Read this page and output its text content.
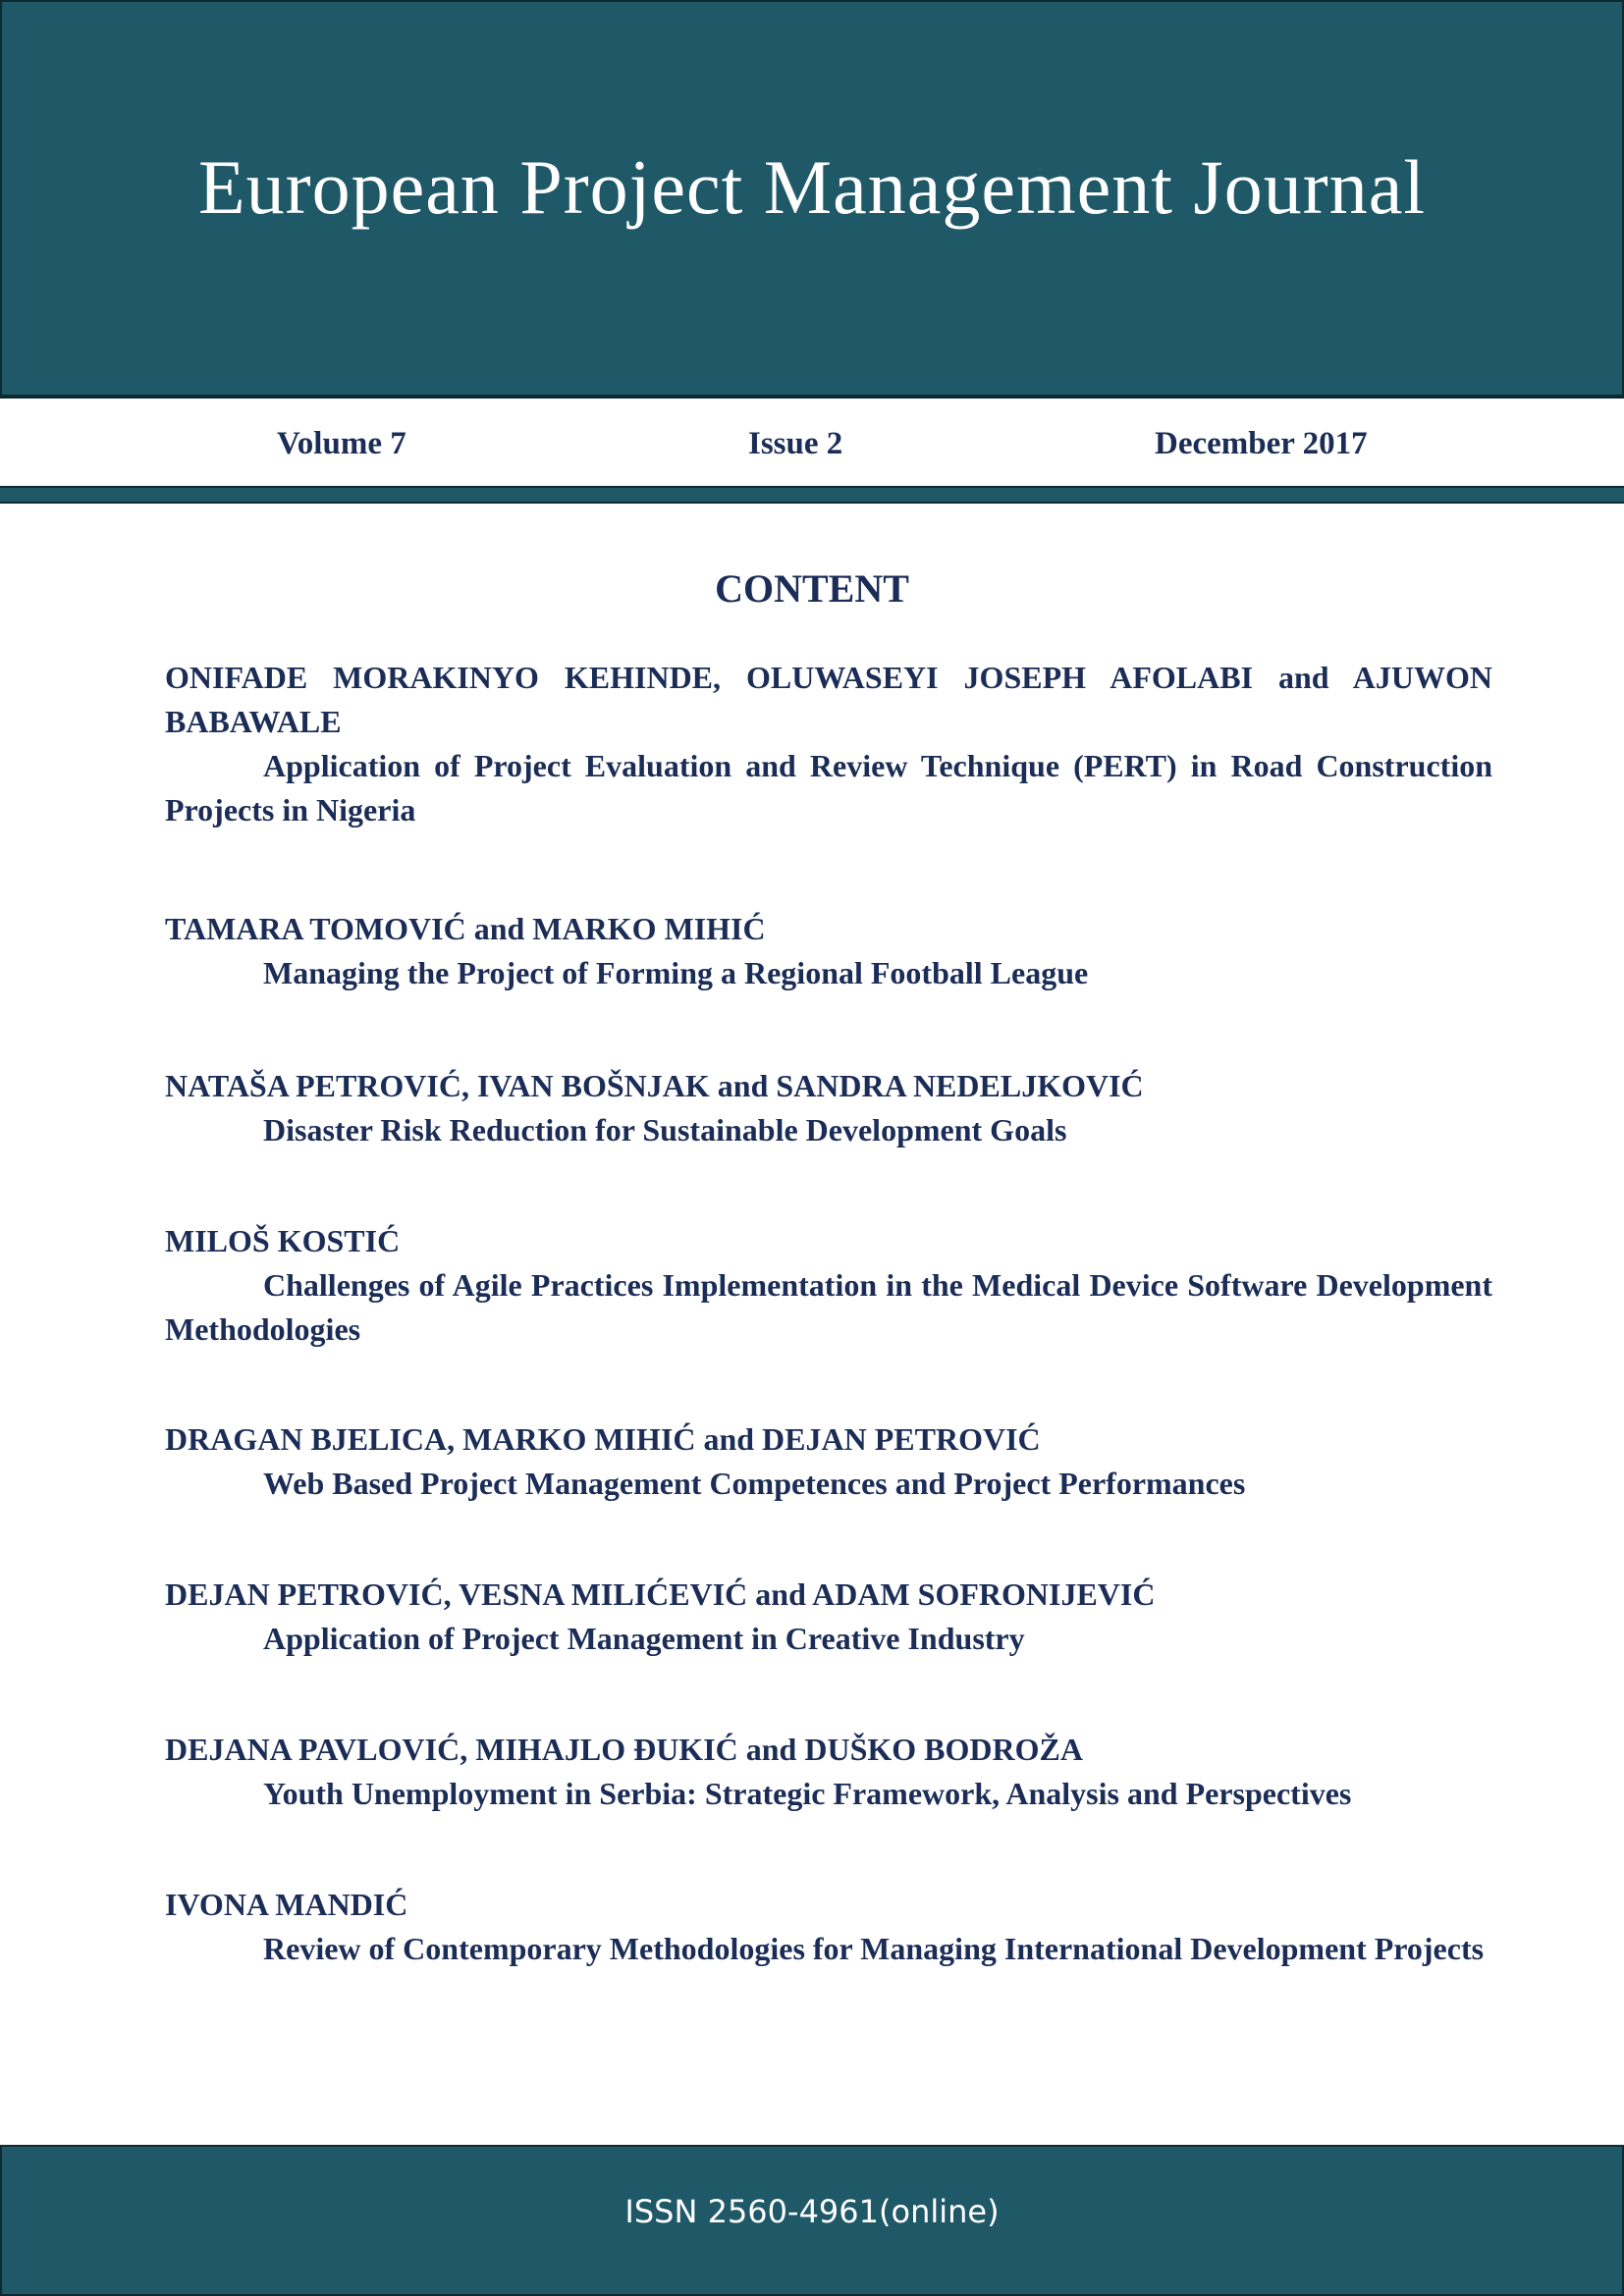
European Project Management Journal
Volume 7	Issue 2	December 2017
CONTENT
ONIFADE MORAKINYO KEHINDE, OLUWASEYI JOSEPH AFOLABI and AJUWON BABAWALE
Application of Project Evaluation and Review Technique (PERT) in Road Construction Projects in Nigeria
TAMARA TOMOVIĆ and MARKO MIHIĆ
Managing the Project of Forming a Regional Football League
NATAŠA PETROVIĆ, IVAN BOŠNJAK and SANDRA NEDELJKOVIĆ
Disaster Risk Reduction for Sustainable Development Goals
MILOŠ KOSTIĆ
Challenges of Agile Practices Implementation in the Medical Device Software Development Methodologies
DRAGAN BJELICA, MARKO MIHIĆ and DEJAN PETROVIĆ
Web Based Project Management Competences and Project Performances
DEJAN PETROVIĆ, VESNA MILIĆEVIĆ and ADAM SOFRONIJEVIĆ
Application of Project Management in Creative Industry
DEJANA PAVLOVIĆ, MIHAJLO ĐUKIĆ and DUŠKO BODROŽA
Youth Unemployment in Serbia: Strategic Framework, Analysis and Perspectives
IVONA MANDIĆ
Review of Contemporary Methodologies for Managing International Development Projects
ISSN 2560-4961(online)
